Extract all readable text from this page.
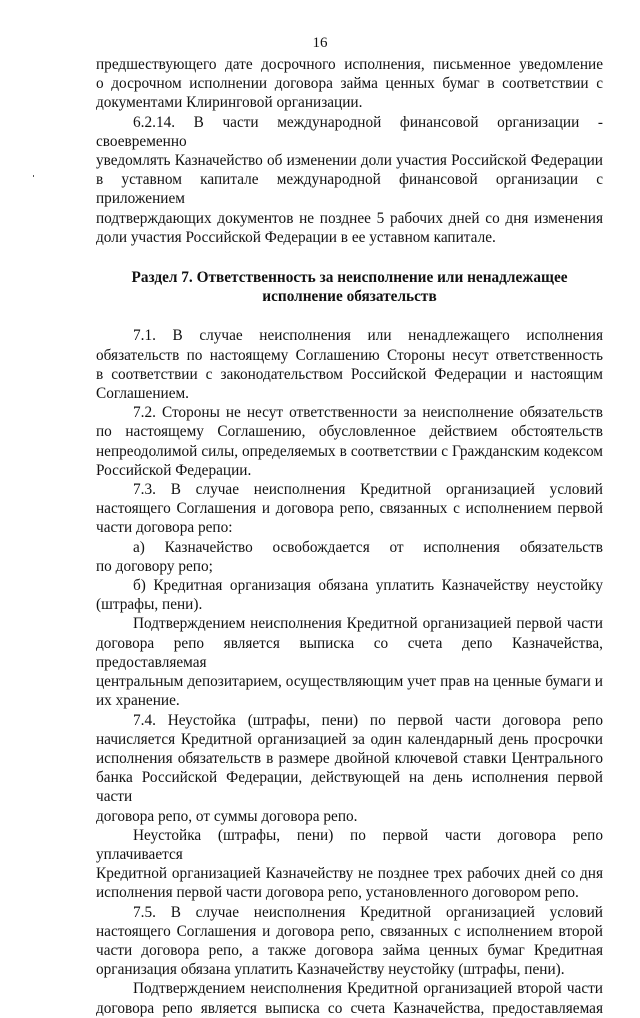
16

предшествующего дате досрочного исполнения, письменное уведомление

о досрочном исполнении договора займа ценных бумаг в соответствии с

документами Клиринговой организации.

6.2.14. В части международной финансовой организации - своевременно

уведомлять Казначейство об изменении доли участия Российской Федерации

в уставном капитале международной финансовой организации с приложением

подтверждающих документов не позднее 5 рабочих дней со дня изменения

доли участия Российской Федерации в ее уставном капитале.

Раздел 7. Ответственность за неисполнение или ненадлежащее
исполнение обязательств

7.1. В случае неисполнения или ненадлежащего исполнения

обязательств по настоящему Соглашению Стороны несут ответственность

в соответствии с законодательством Российской Федерации и настоящим

Соглашением.

7.2. Стороны не несут ответственности за неисполнение обязательств

по настоящему Соглашению, обусловленное действием обстоятельств

непреодолимой силы, определяемых в соответствии с Гражданским кодексом

Российской Федерации.

7.3. В случае неисполнения Кредитной организацией условий

настоящего Соглашения и договора репо, связанных с исполнением первой

части договора репо:

а) Казначейство освобождается от исполнения обязательств

по договору репо;

б) Кредитная организация обязана уплатить Казначейству неустойку

(штрафы, пени).

Подтверждением неисполнения Кредитной организацией первой части

договора репо является выписка со счета депо Казначейства, предоставляемая

центральным депозитарием, осуществляющим учет прав на ценные бумаги и

их хранение.

7.4. Неустойка (штрафы, пени) по первой части договора репо

начисляется Кредитной организацией за один календарный день просрочки

исполнения обязательств в размере двойной ключевой ставки Центрального

банка Российской Федерации, действующей на день исполнения первой части

договора репо, от суммы договора репо.

Неустойка (штрафы, пени) по первой части договора репо уплачивается

Кредитной организацией Казначейству не позднее трех рабочих дней со дня

исполнения первой части договора репо, установленного договором репо.

7.5. В случае неисполнения Кредитной организацией условий

настоящего Соглашения и договора репо, связанных с исполнением второй

части договора репо, а также договора займа ценных бумаг Кредитная

организация обязана уплатить Казначейству неустойку (штрафы, пени).

Подтверждением неисполнения Кредитной организацией второй части

договора репо является выписка со счета Казначейства, предоставляемая
